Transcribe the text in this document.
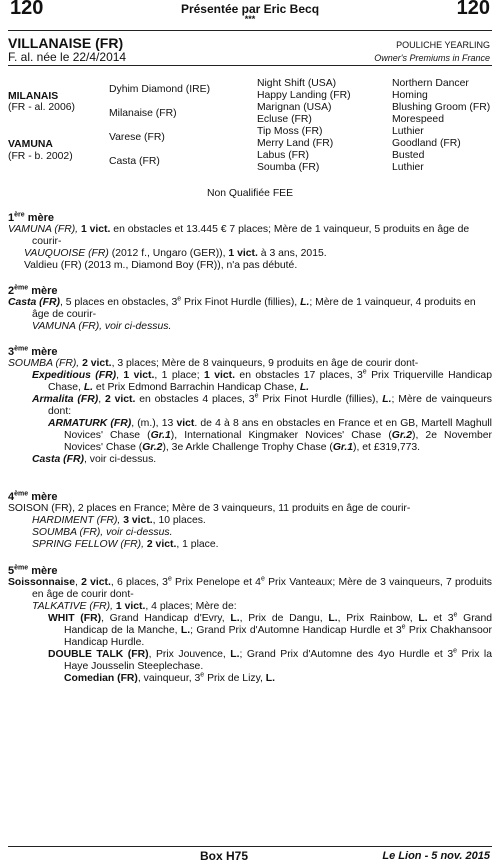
120	120
Présentée par Eric Becq
***
VILLANAISE (FR)
F. al. née le 22/4/2014
POULICHE YEARLING
Owner's Premiums in France
MILANAIS
(FR - al. 2006)
VAMUNA
(FR - b. 2002)
Dyhim Diamond (IRE)
Milanaise (FR)
Varese (FR)
Casta (FR)
Night Shift (USA)
Happy Landing (FR)
Marignan (USA)
Ecluse (FR)
Tip Moss (FR)
Merry Land (FR)
Labus (FR)
Soumba (FR)
Northern Dancer
Homing
Blushing Groom (FR)
Morespeed
Luthier
Goodland (FR)
Busted
Luthier
Non Qualifiée FEE

1ère mère

VAMUNA (FR), 1 vict. en obstacles et 13.445 € 7 places; Mère de 1 vainqueur, 5 produits en âge de courir-

VAUQUOISE (FR) (2012 f., Ungaro (GER)), 1 vict. à 3 ans, 2015.

Valdieu (FR) (2013 m., Diamond Boy (FR)), n'a pas débuté.

2ème mère

Casta (FR), 5 places en obstacles, 3e Prix Finot Hurdle (fillies), L.; Mère de 1 vainqueur, 4 produits en âge de courir-

VAMUNA (FR), voir ci-dessus.

3ème mère

SOUMBA (FR), 2 vict., 3 places; Mère de 8 vainqueurs, 9 produits en âge de courir dont-

Expeditious (FR), 1 vict., 1 place; 1 vict. en obstacles 17 places, 3e Prix Triquerville Handicap Chase, L. et Prix Edmond Barrachin Handicap Chase, L.

Armalita (FR), 2 vict. en obstacles 4 places, 3e Prix Finot Hurdle (fillies), L.; Mère de vainqueurs dont:

ARMATURK (FR), (m.), 13 vict. de 4 à 8 ans en obstacles en France et en GB, Martell Maghull Novices' Chase (Gr.1), International Kingmaker Novices' Chase (Gr.2), 2e November Novices' Chase (Gr.2), 3e Arkle Challenge Trophy Chase (Gr.1), et £319,773.

Casta (FR), voir ci-dessus.

4ème mère

SOISON (FR), 2 places en France; Mère de 3 vainqueurs, 11 produits en âge de courir-

HARDIMENT (FR), 3 vict., 10 places.

SOUMBA (FR), voir ci-dessus.

SPRING FELLOW (FR), 2 vict., 1 place.

5ème mère

Soissonnaise, 2 vict., 6 places, 3e Prix Penelope et 4e Prix Vanteaux; Mère de 3 vainqueurs, 7 produits en âge de courir dont-

TALKATIVE (FR), 1 vict., 4 places; Mère de:

WHIT (FR), Grand Handicap d'Evry, L., Prix de Dangu, L., Prix Rainbow, L. et 3e Grand Handicap de la Manche, L.; Grand Prix d'Automne Handicap Hurdle et 3e Prix Chakhansoor Handicap Hurdle.

DOUBLE TALK (FR), Prix Jouvence, L.; Grand Prix d'Automne des 4yo Hurdle et 3e Prix la Haye Jousselin Steeplechase.

Comedian (FR), vainqueur, 3e Prix de Lizy, L.

Box H75	Le Lion - 5 nov. 2015
